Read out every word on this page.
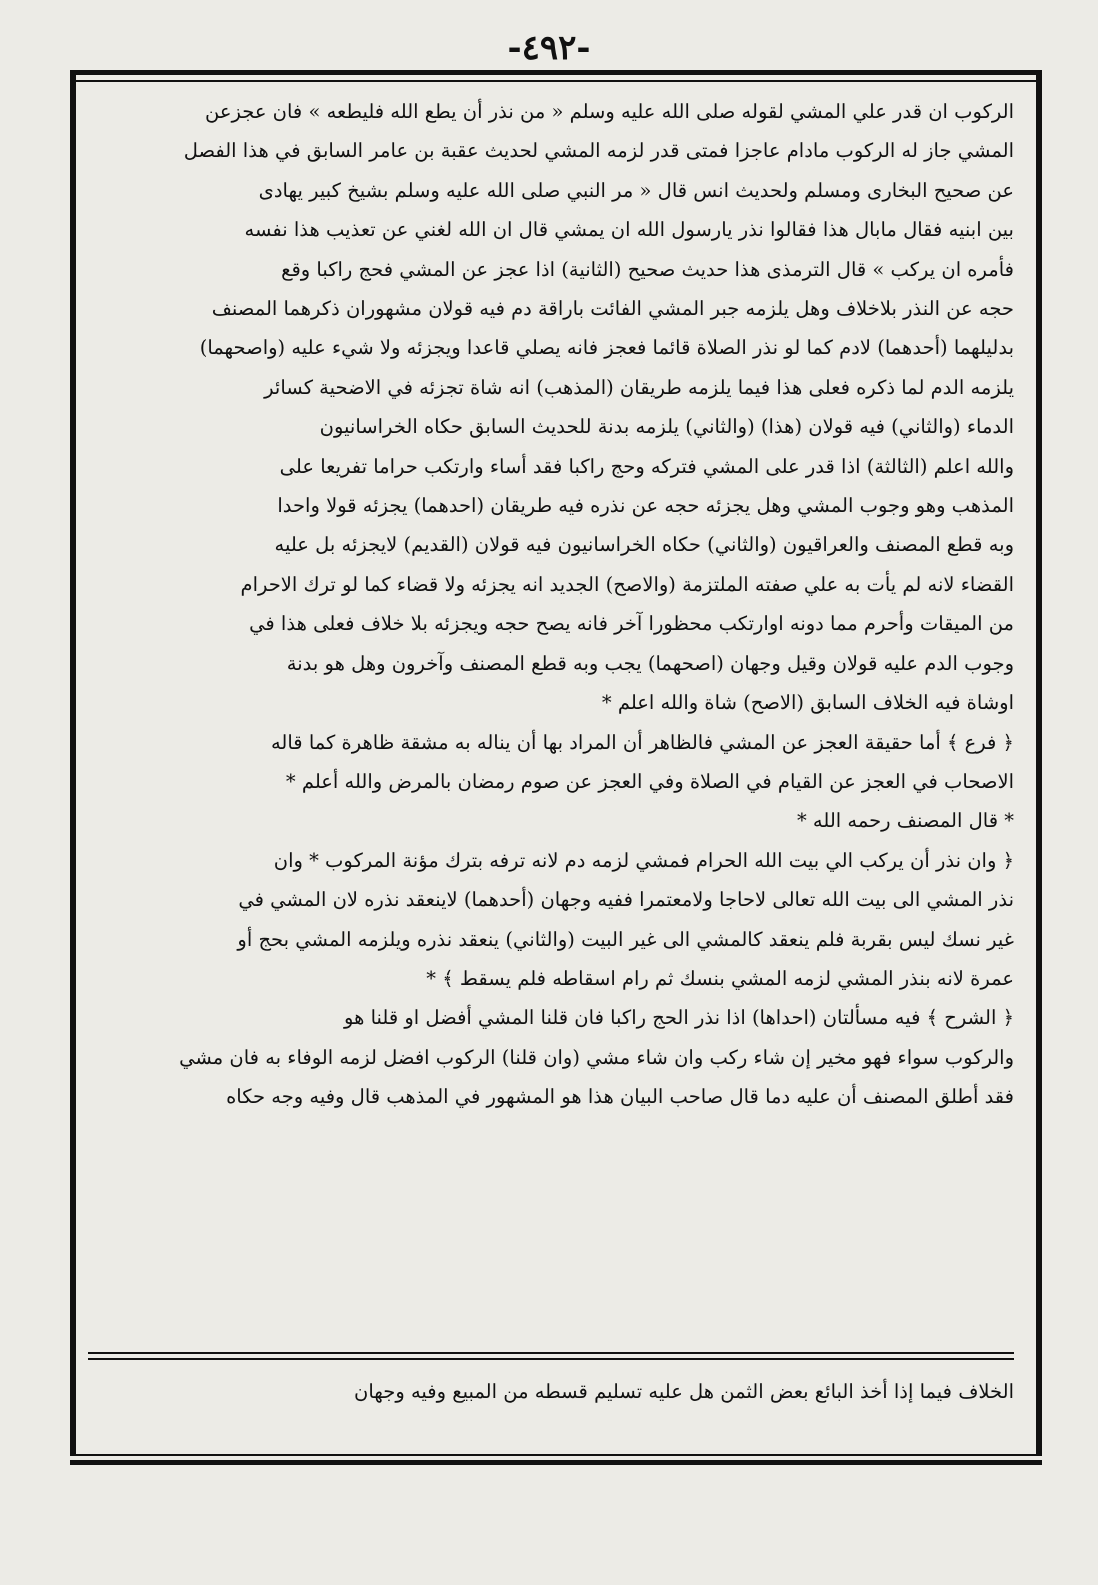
-٤٩٢-
الركوب ان قدر علي المشي لقوله صلى الله عليه وسلم « من نذر أن يطع الله فليطعه » فان عجزعن
المشي جاز له الركوب مادام عاجزا فمتى قدر لزمه المشي لحديث عقبة بن عامر السابق في هذا الفصل
عن صحيح البخارى ومسلم ولحديث انس قال « مر النبي صلى الله عليه وسلم بشيخ كبير يهادى
بين ابنيه فقال مابال هذا فقالوا نذر يارسول الله ان يمشي قال ان الله لغني عن تعذيب هذا نفسه
فأمره ان يركب » قال الترمذى هذا حديث صحيح (الثانية) اذا عجز عن المشي فحج راكبا وقع
حجه عن النذر بلاخلاف وهل يلزمه جبر المشي الفائت باراقة دم فيه قولان مشهوران ذكرهما المصنف
بدليلهما (أحدهما) لادم كما لو نذر الصلاة قائما فعجز فانه يصلي قاعدا ويجزئه ولا شيء عليه (واصحهما)
يلزمه الدم لما ذكره فعلى هذا فيما يلزمه طريقان (المذهب) انه شاة تجزئه في الاضحية كسائر
الدماء (والثاني) فيه قولان (هذا) (والثاني) يلزمه بدنة للحديث السابق حكاه الخراسانيون
والله اعلم (الثالثة) اذا قدر على المشي فتركه وحج راكبا فقد أساء وارتكب حراما تفريعا على
المذهب وهو وجوب المشي وهل يجزئه حجه عن نذره فيه طريقان (احدهما) يجزئه قولا واحدا
وبه قطع المصنف والعراقيون (والثاني) حكاه الخراسانيون فيه قولان (القديم) لايجزئه بل عليه
القضاء لانه لم يأت به علي صفته الملتزمة (والاصح) الجديد انه يجزئه ولا قضاء كما لو ترك الاحرام
من الميقات وأحرم مما دونه اوارتكب محظورا آخر فانه يصح حجه ويجزئه بلا خلاف فعلى هذا في
وجوب الدم عليه قولان وقيل وجهان (اصحهما) يجب وبه قطع المصنف وآخرون وهل هو بدنة
اوشاة فيه الخلاف السابق (الاصح) شاة والله اعلم *
﴿ فرع ﴾ أما حقيقة العجز عن المشي فالظاهر أن المراد بها أن يناله به مشقة ظاهرة كما قاله
الاصحاب في العجز عن القيام في الصلاة وفي العجز عن صوم رمضان بالمرض والله أعلم *
* قال المصنف رحمه الله *
﴿ وان نذر أن يركب الي بيت الله الحرام فمشي لزمه دم لانه ترفه بترك مؤنة المركوب * وان
نذر المشي الى بيت الله تعالى لاحاجا ولامعتمرا ففيه وجهان (أحدهما) لاينعقد نذره لان المشي في
غير نسك ليس بقربة فلم ينعقد كالمشي الى غير البيت (والثاني) ينعقد نذره ويلزمه المشي بحج أو
عمرة لانه بنذر المشي لزمه المشي بنسك ثم رام اسقاطه فلم يسقط ﴾ *
﴿ الشرح ﴾ فيه مسألتان (احداها) اذا نذر الحج راكبا فان قلنا المشي أفضل او قلنا هو
والركوب سواء فهو مخير إن شاء ركب وان شاء مشي (وان قلنا) الركوب افضل لزمه الوفاء به فان مشي
فقد أطلق المصنف أن عليه دما قال صاحب البيان هذا هو المشهور في المذهب قال وفيه وجه حكاه
الخلاف فيما إذا أخذ البائع بعض الثمن هل عليه تسليم قسطه من المبيع وفيه وجهان
